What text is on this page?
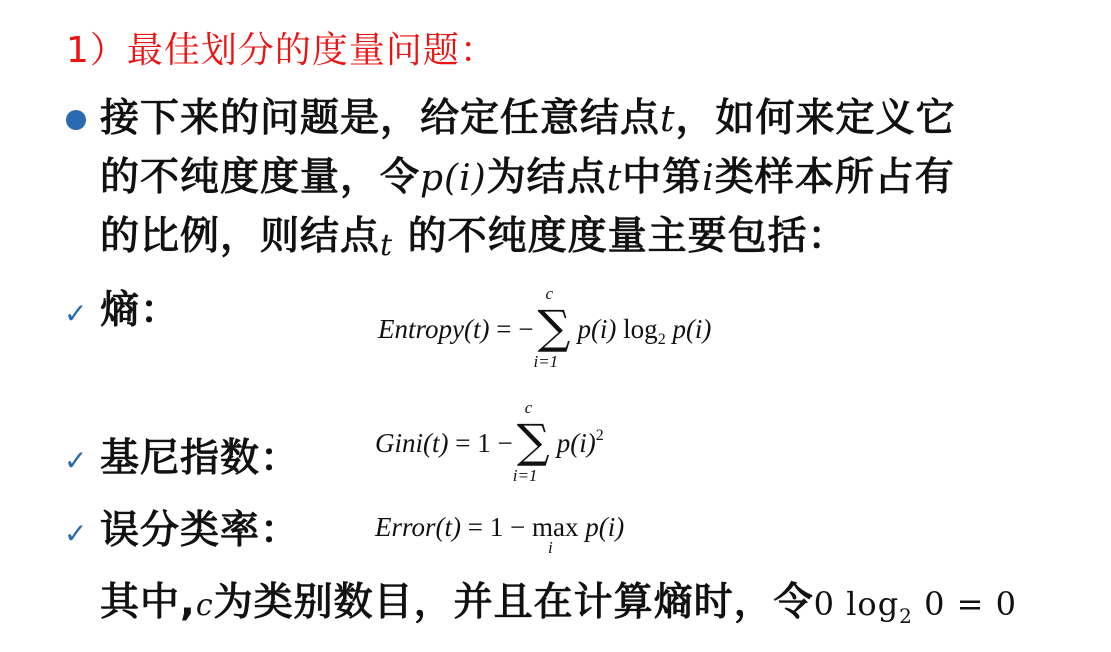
1）最佳划分的度量问题：
接下来的问题是，给定任意结点t，如何来定义它
的不纯度度量，令p(i)为结点t中第i类样本所占有
的比例，则结点t 的不纯度度量主要包括：
✓ 熵：	Entropy(t) = − ∑
c
i=1
p(i) $\log_2 p(i)$
✓ 基尼指数：	Gini(t) = 1 − ∑
c
i=1
$p(i)^2$
✓ 误分类率：	Error(t) = 1 − max
i
p(i)
其中,c为类别数目，并且在计算熵时，令0 $\log_2 0 = 0$
